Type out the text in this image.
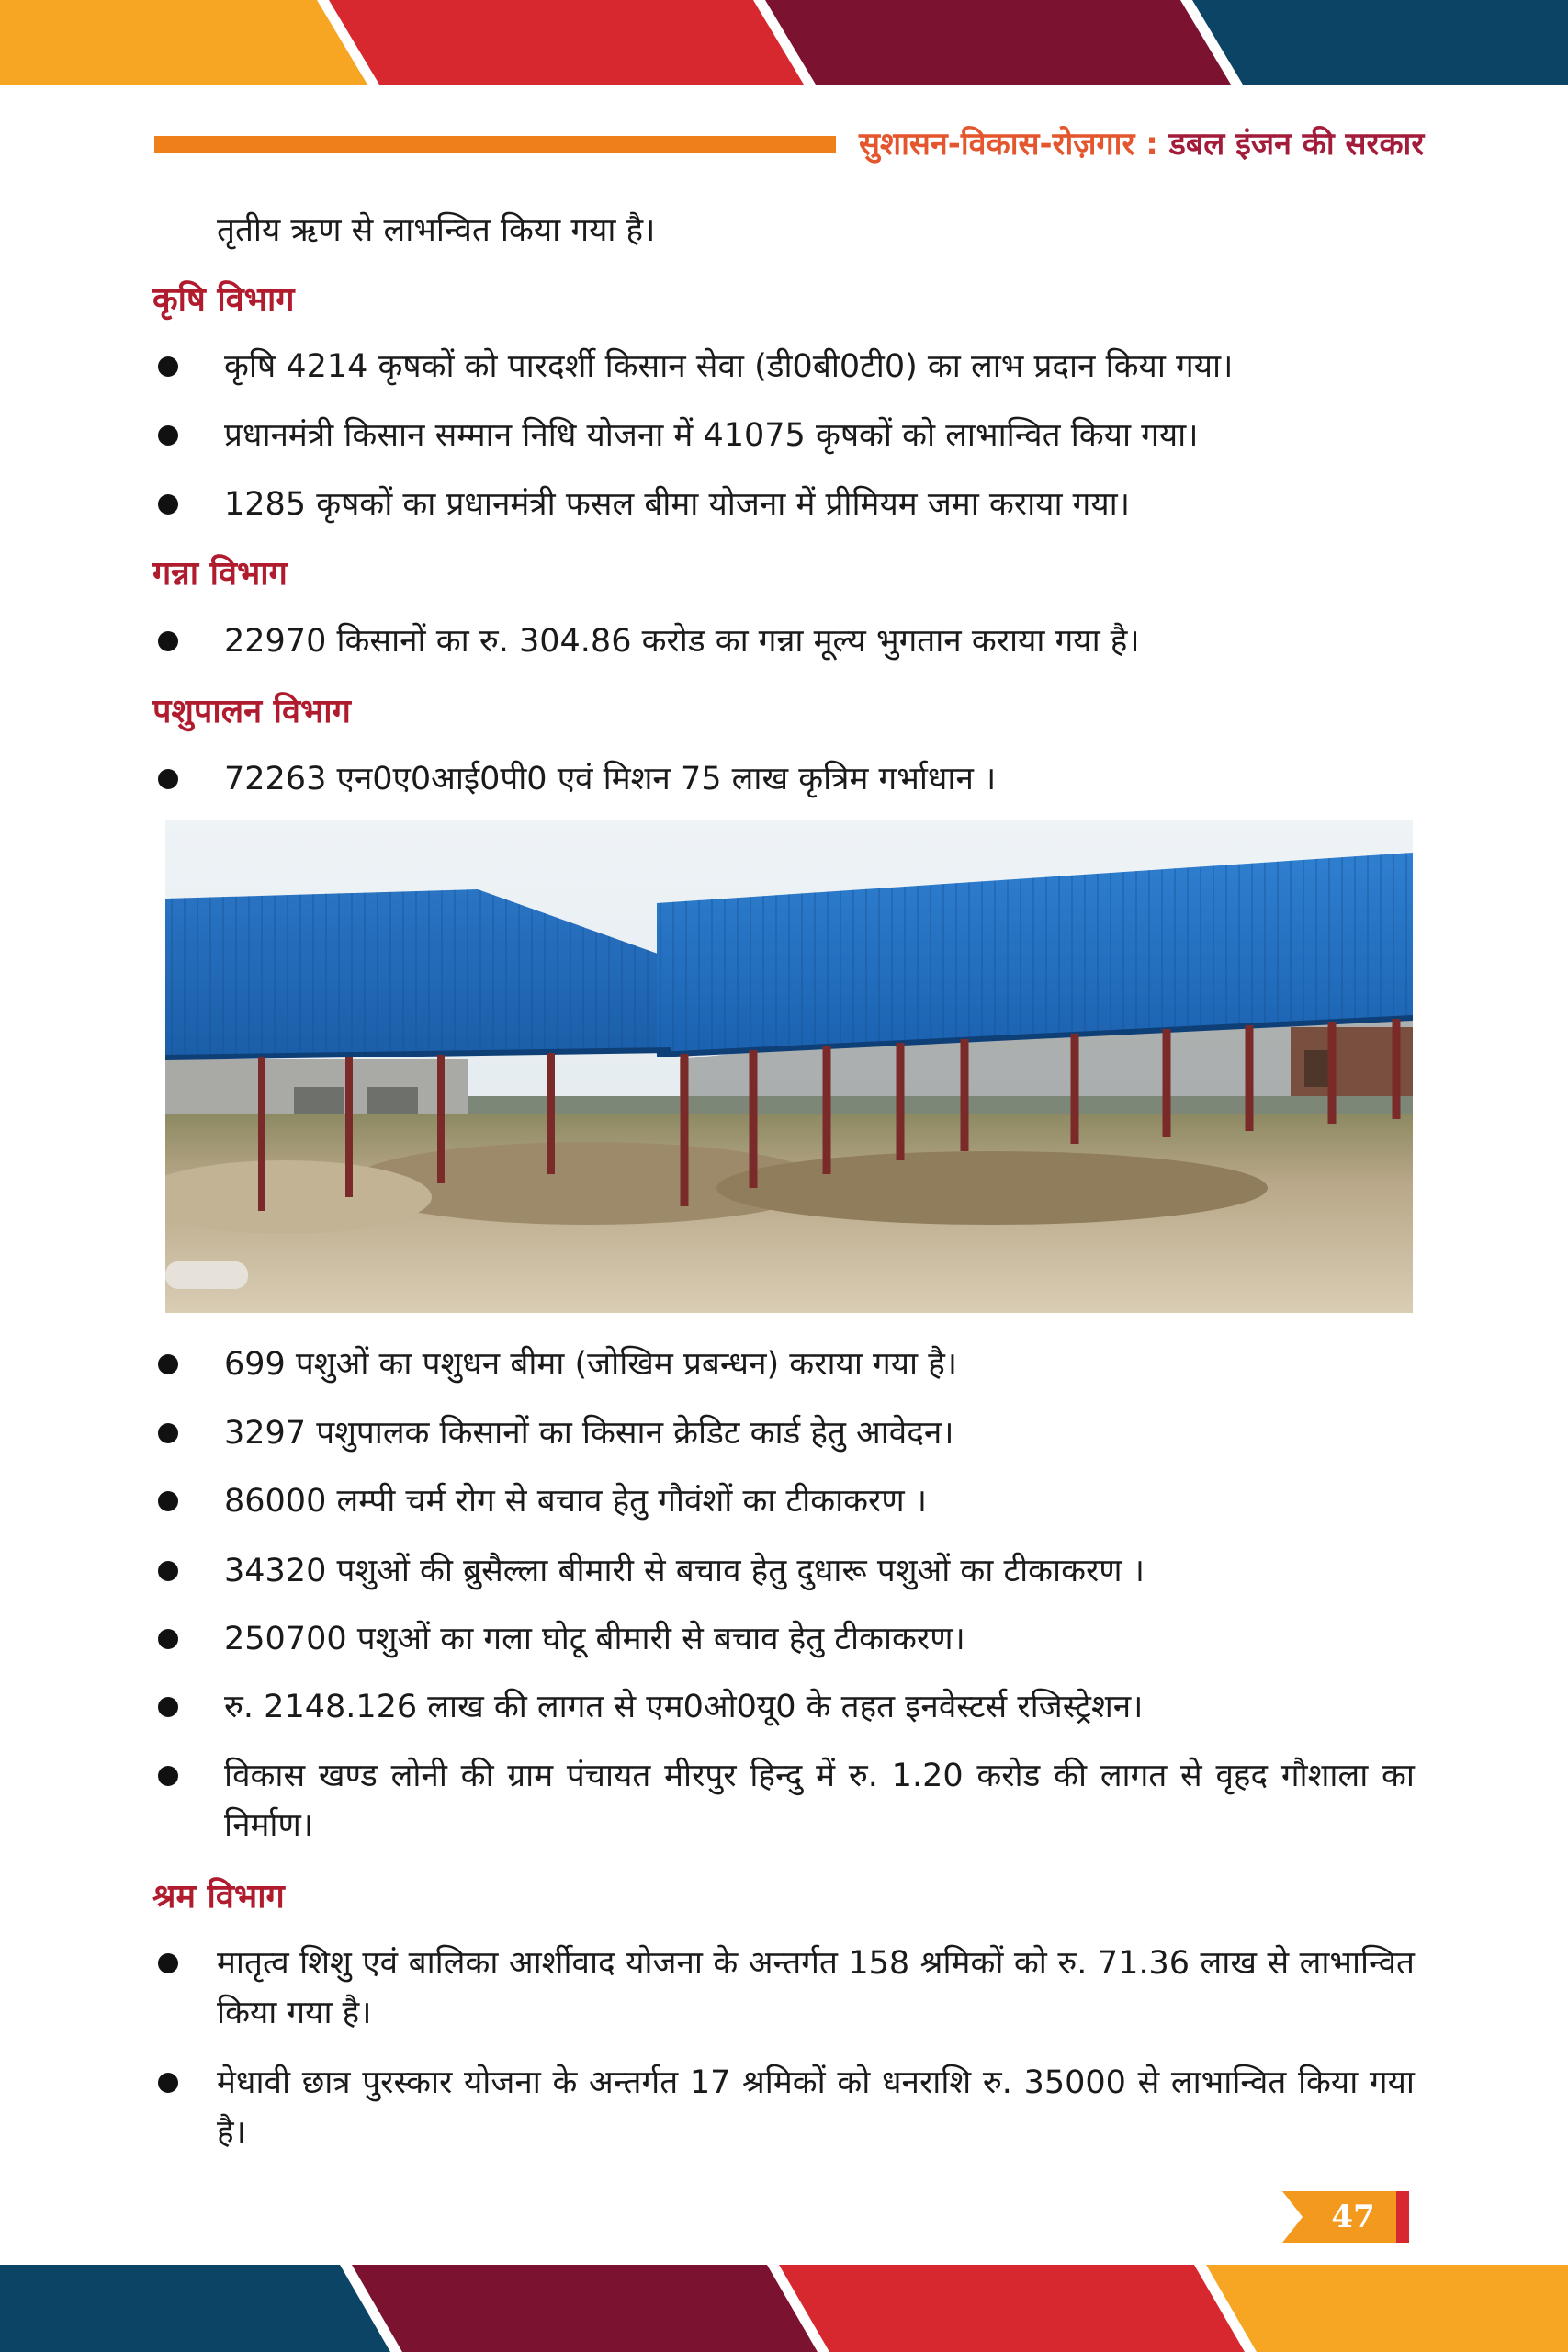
सुशासन-विकास-रोज़गार : डबल इंजन की सरकार
तृतीय ऋण से लाभन्वित किया गया है।
कृषि विभाग
कृषि 4214 कृषकों को पारदर्शी किसान सेवा (डी0बी0टी0) का लाभ प्रदान किया गया।
प्रधानमंत्री किसान सम्मान निधि योजना में 41075 कृषकों को लाभान्वित किया गया।
1285 कृषकों का प्रधानमंत्री फसल बीमा योजना में प्रीमियम जमा कराया गया।
गन्ना विभाग
22970 किसानों का रु. 304.86 करोड का गन्ना मूल्य भुगतान कराया गया है।
पशुपालन विभाग
72263 एन0ए0आई0पी0 एवं मिशन 75 लाख कृत्रिम गर्भाधान ।
699 पशुओं का पशुधन बीमा (जोखिम प्रबन्धन) कराया गया है।
3297 पशुपालक किसानों का किसान क्रेडिट कार्ड हेतु आवेदन।
86000 लम्पी चर्म रोग से बचाव हेतु गौवंशों का टीकाकरण ।
34320 पशुओं की ब्रुसैल्ला बीमारी से बचाव हेतु दुधारू पशुओं का टीकाकरण ।
250700 पशुओं का गला घोटू बीमारी से बचाव हेतु टीकाकरण।
रु. 2148.126 लाख की लागत से एम0ओ0यू0 के तहत इनवेस्टर्स रजिस्ट्रेशन।
विकास खण्ड लोनी की ग्राम पंचायत मीरपुर हिन्दु में रु. 1.20 करोड की लागत से वृहद गौशाला का निर्माण।
श्रम विभाग
मातृत्व शिशु एवं बालिका आर्शीवाद योजना के अन्तर्गत 158 श्रमिकों को रु. 71.36 लाख से लाभान्वित किया गया है।
मेधावी छात्र पुरस्कार योजना के अन्तर्गत 17 श्रमिकों को धनराशि रु. 35000 से लाभान्वित किया गया है।
47
